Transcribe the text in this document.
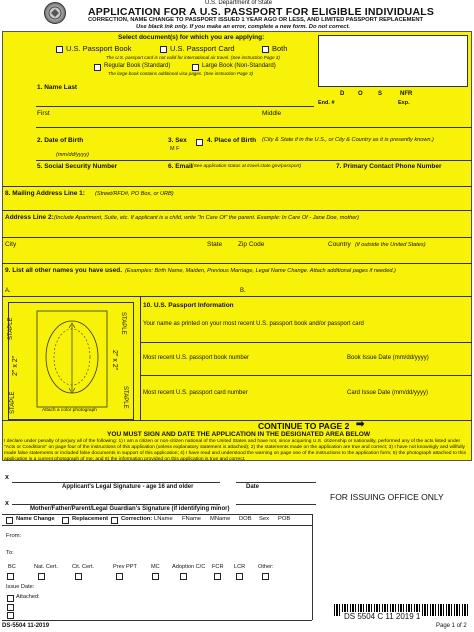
U.S. Department of State
APPLICATION FOR A U.S. PASSPORT FOR ELIGIBLE INDIVIDUALS
CORRECTION, NAME CHANGE TO PASSPORT ISSUED 1 YEAR AGO OR LESS, AND LIMITED PASSPORT REPLACEMENT
Use black ink only. If you make an error, complete a new form. Do not correct.
Select document(s) for which you are applying:
U.S. Passport Book	U.S. Passport Card	Both
The U.S. passport card is not valid for international air travel. (See instruction Page 3)
Regular Book (Standard)	Large Book (Non-Standard)
The large book contains additional visa pages. (See instruction Page 3)
D O	S	NFR
End. #	Exp.
1. Name Last
First	Middle
2. Date of Birth
(mm/dd/yyyy)
3. Sex
M F
4. Place of Birth (City & State if in the U.S., or City & Country as it is presently known.)
5. Social Security Number	6. Email (See application status at travel.state.gov/passport)	7. Primary Contact Phone Number
8. Mailing Address Line 1: (Street/RFD#, PO Box, or URB)
Address Line 2: (Include Apartment, Suite, etc. If applicant is a child, write "In Care Of" the parent. Example: In Care Of - Jane Doe, mother)
City	State Zip Code	Country (if outside the United States)
9. List all other names you have used. (Examples: Birth Name, Maiden, Previous Marriage, Legal Name Change. Attach additional pages if needed.)
A.	B.
STAPLE	STAPLE
STAPLE	STAPLE
2" x 2"	2" x 2"
Attach a color photograph
10. U.S. Passport Information
Your name as printed on your most recent U.S. passport book and/or passport card
Most recent U.S. passport book number	Book Issue Date (mm/dd/yyyy)
Most recent U.S. passport card number	Card Issue Date (mm/dd/yyyy)
CONTINUE TO PAGE 2 ➡
YOU MUST SIGN AND DATE THE APPLICATION IN THE DESIGNATED AREA BELOW
I declare under penalty of perjury all of the following: 1) I am a citizen or non-citizen national of the United States and have not, since acquiring U.S. citizenship or nationality, performed any of the acts listed under
"Acts or Conditions" on page four of the instructions of this application (unless explanatory statement is attached); 2) the statements made on the application are true and correct; 3) I have not knowingly and willfully
made false statements or included false documents in support of this application; 4) I have read and understood the warning on page one of the instructions to the application form; 5) the photograph attached to this
application is a current photograph of me; and 6) the information provided on this application is true and correct.
x
Applicant's Legal Signature - age 16 and older	Date
x
Mother/Father/Parent/Legal Guardian's Signature (if identifying minor)
FOR ISSUING OFFICE ONLY
Name Change	Replacement Correction: LName FName MName DOB Sex POB
From:
To:
BC	Nat. Cert.	Cit. Cert.	Prev PPT	MC Adoption C/C FCR LCR Other:
Issue Date:
Attached:
DS 5504 C 11 2019 1
DS-5504 11-2019	Page 1 of 2
